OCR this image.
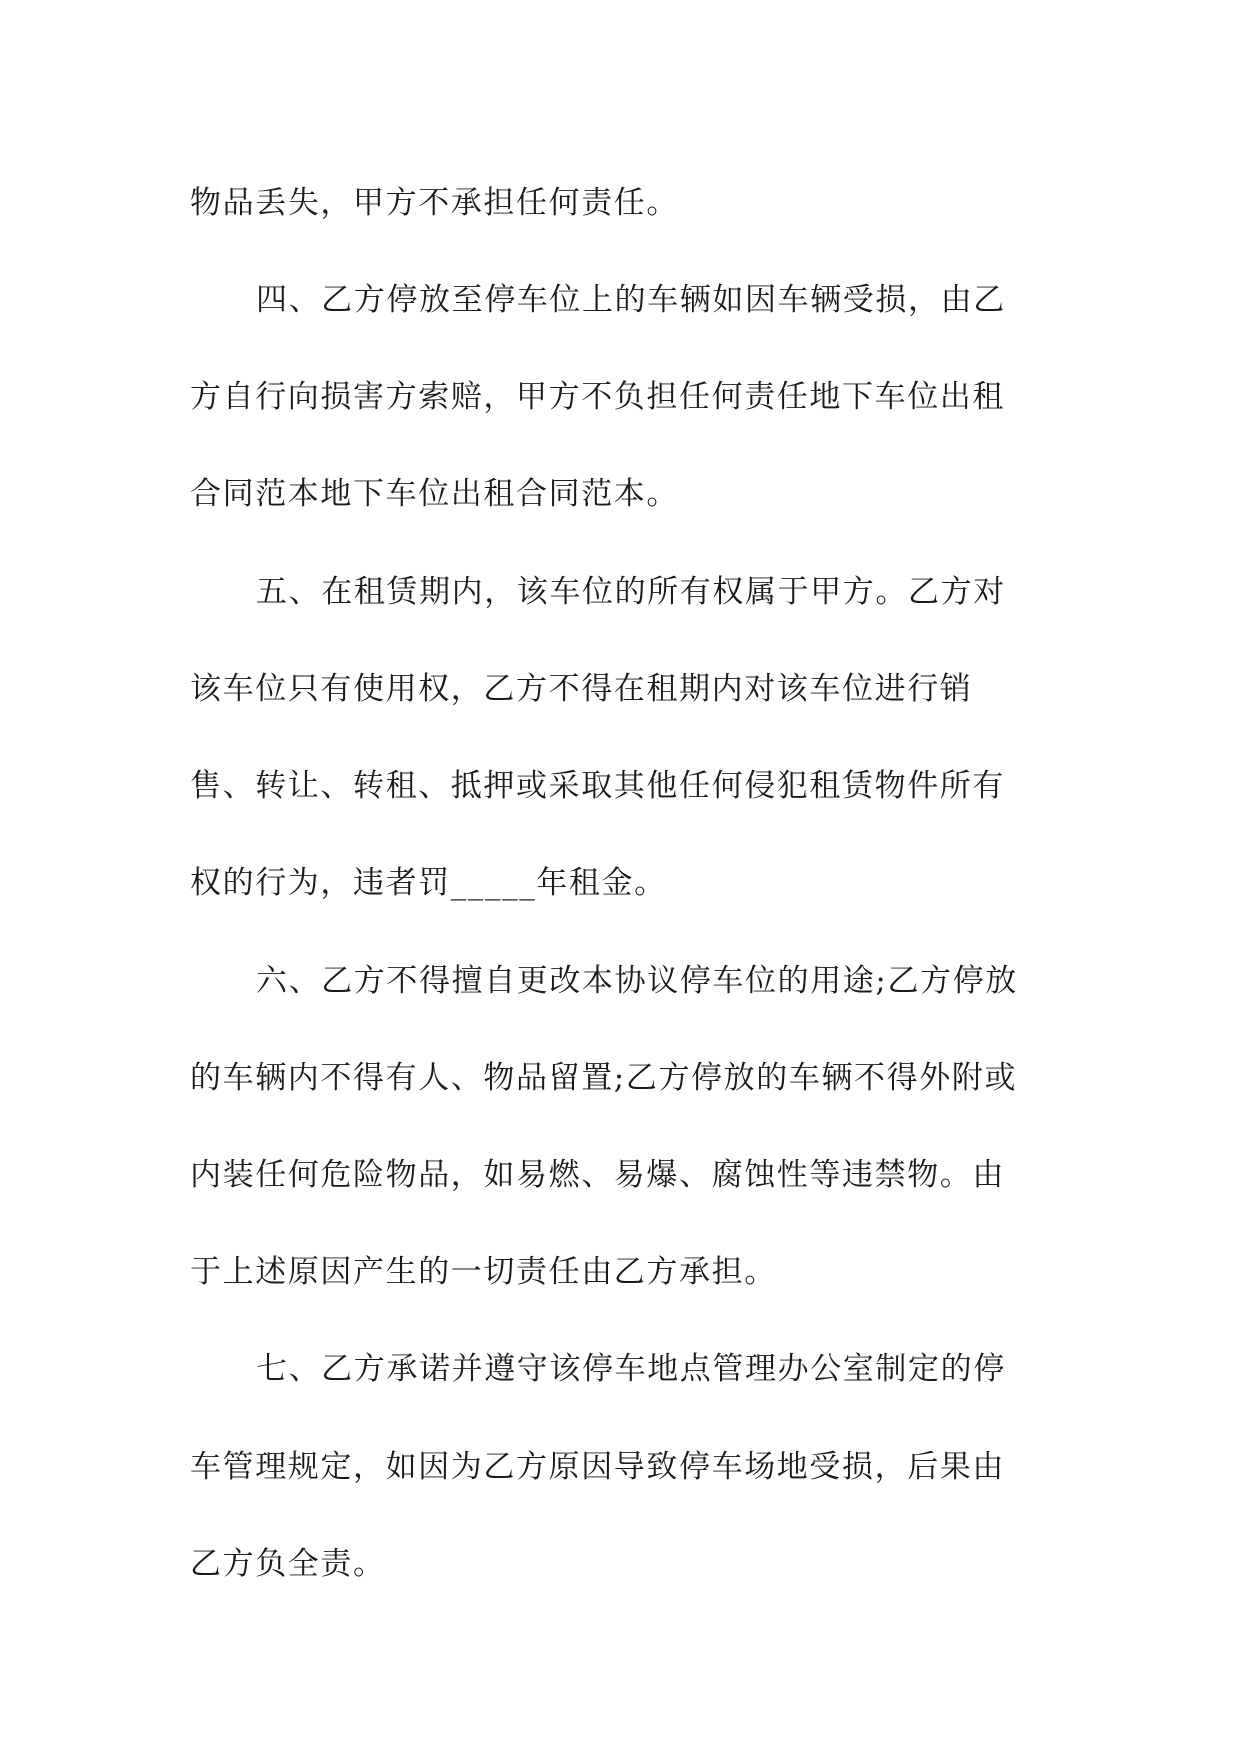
物品丢失，甲方不承担任何责任。
四、乙方停放至停车位上的车辆如因车辆受损，由乙
方自行向损害方索赔，甲方不负担任何责任地下车位出租
合同范本地下车位出租合同范本。
五、在租赁期内，该车位的所有权属于甲方。乙方对
该车位只有使用权，乙方不得在租期内对该车位进行销
售、转让、转租、抵押或采取其他任何侵犯租赁物件所有
权的行为，违者罚_____年租金。
六、乙方不得擅自更改本协议停车位的用途;乙方停放
的车辆内不得有人、物品留置;乙方停放的车辆不得外附或
内装任何危险物品，如易燃、易爆、腐蚀性等违禁物。由
于上述原因产生的一切责任由乙方承担。
七、乙方承诺并遵守该停车地点管理办公室制定的停
车管理规定，如因为乙方原因导致停车场地受损，后果由
乙方负全责。
